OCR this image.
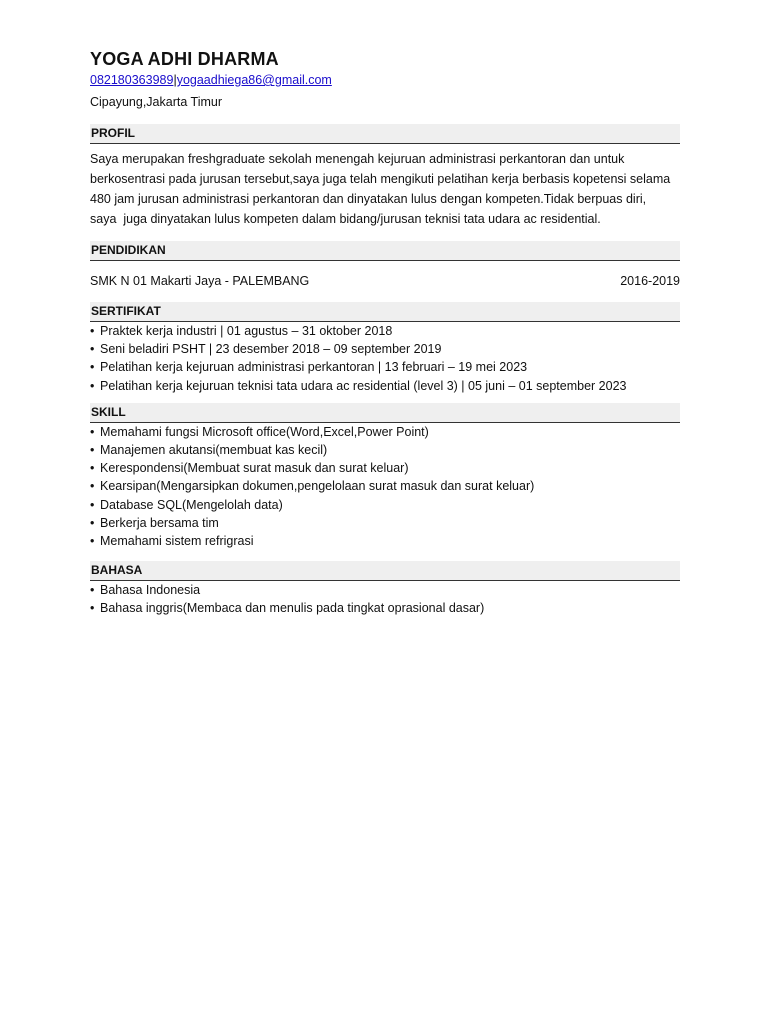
YOGA ADHI DHARMA
082180363989|yogaadhiega86@gmail.com
Cipayung,Jakarta Timur
PROFIL
Saya merupakan freshgraduate sekolah menengah kejuruan administrasi perkantoran dan untuk
berkosentrasi pada jurusan tersebut,saya juga telah mengikuti pelatihan kerja berbasis kopetensi selama
480 jam jurusan administrasi perkantoran dan dinyatakan lulus dengan kompeten.Tidak berpuas diri,
saya  juga dinyatakan lulus kompeten dalam bidang/jurusan teknisi tata udara ac residential.
PENDIDIKAN
SMK N 01 Makarti Jaya - PALEMBANG	2016-2019
SERTIFIKAT
• Praktek kerja industri | 01 agustus – 31 oktober 2018
• Seni beladiri PSHT | 23 desember 2018 – 09 september 2019
• Pelatihan kerja kejuruan administrasi perkantoran | 13 februari – 19 mei 2023
• Pelatihan kerja kejuruan teknisi tata udara ac residential (level 3) | 05 juni – 01 september 2023
SKILL
• Memahami fungsi Microsoft office(Word,Excel,Power Point)
• Manajemen akutansi(membuat kas kecil)
• Kerespondensi(Membuat surat masuk dan surat keluar)
• Kearsipan(Mengarsipkan dokumen,pengelolaan surat masuk dan surat keluar)
• Database SQL(Mengelolah data)
• Berkerja bersama tim
• Memahami sistem refrigrasi
BAHASA
• Bahasa Indonesia
• Bahasa inggris(Membaca dan menulis pada tingkat oprasional dasar)
